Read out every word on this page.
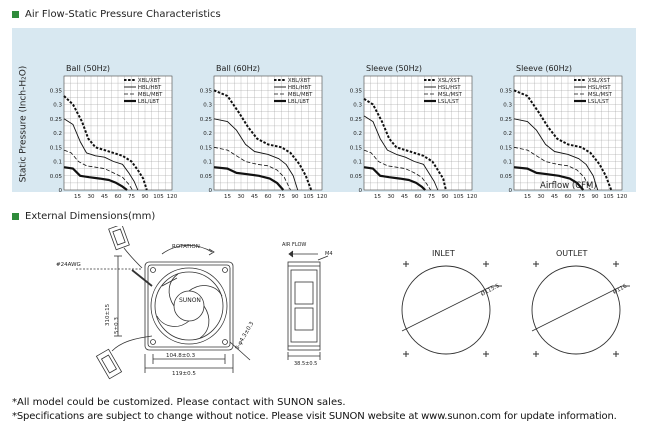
Air Flow-Static Pressure Characteristics
Static Pressure (Inch-H₂O)	Ball (50Hz)
0
0.05
0.1
0.15
0.2
0.25
0.3
0.35
15 30 45 60 75 90 105 120
XBL/XBT
HBL/HBT
MBL/MBT
LBL/LBT
Ball (60Hz)
0
0.05
0.1
0.15
0.2
0.25
0.3
0.35
15 30 45 60 75 90 105 120
XBL/XBT
HBL/HBT
MBL/MBT
LBL/LBT
Sleeve (50Hz)
0
0.05
0.1
0.15
0.2
0.25
0.3
0.35
15 30 45 60 75 90 105 120
XSL/XST
HSL/HST
MSL/MST
LSL/LST
Sleeve (60Hz)
0
0.05
0.1
0.15
0.2
0.25
0.3
0.35
15 30 45 60 75 90 105 120
XSL/XST
HSL/HST
MSL/MST
LSL/LST
Airflow (CFM)
External Dimensions(mm)
#24AWG
ROTATION
SUNON
310±15 5±0.3
104.8±0.3
119±0.5
8-φ4.3±0.3
AIR FLOW
M4
38.5±0.5
INLET	OUTLET
Ø115.5	Ø116
*All model could be customized. Please contact with SUNON sales.
*Specifications are subject to change without notice. Please visit SUNON website at www.sunon.com for update information.
